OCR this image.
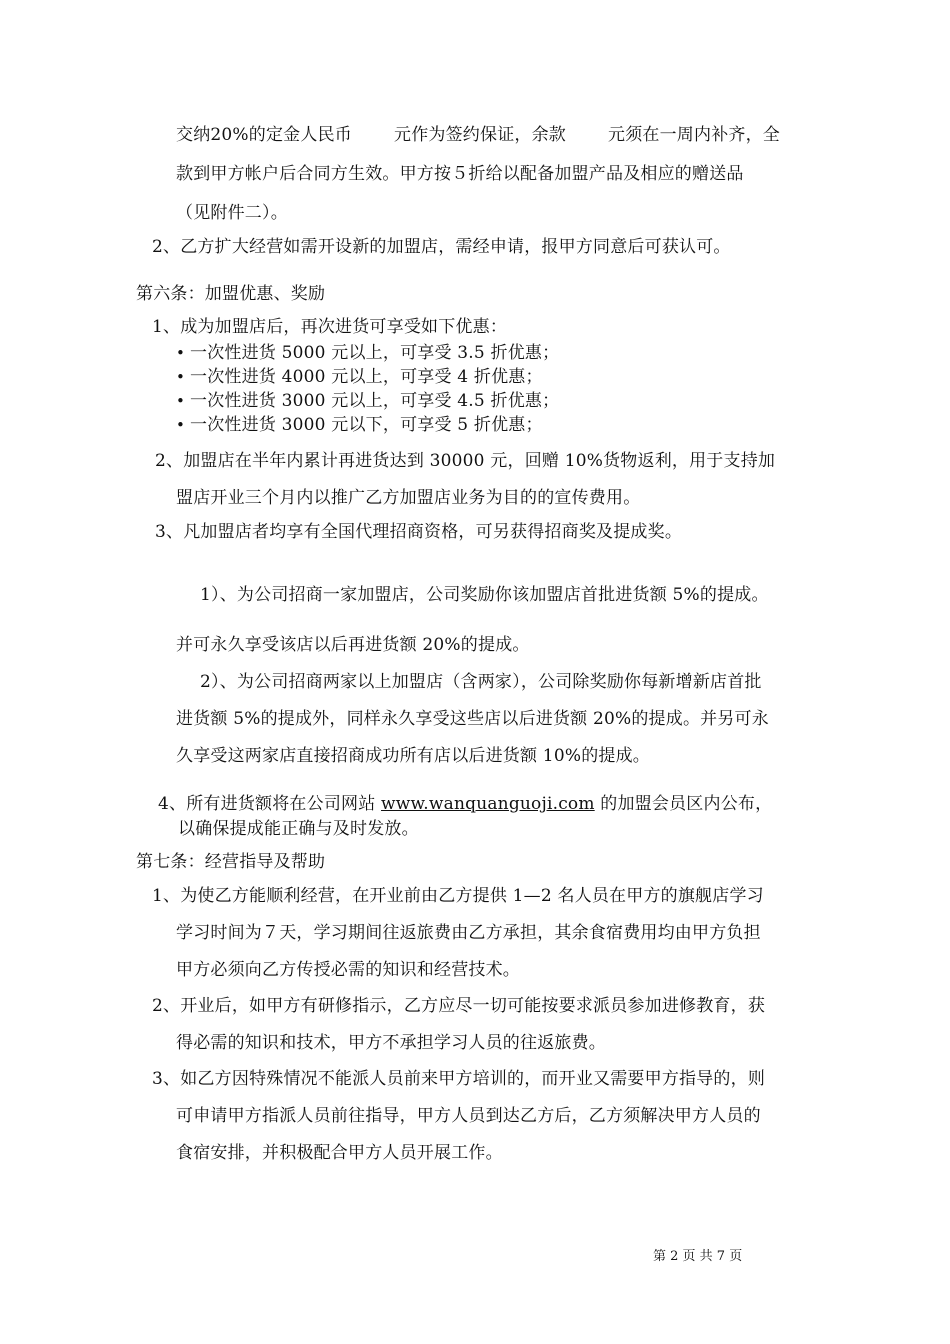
交纳20%的定金人民币 元作为签约保证，余款 元须在一周内补齐，全
款到甲方帐户后合同方生效。甲方按５折给以配备加盟产品及相应的赠送品
（见附件二）。
2、乙方扩大经营如需开设新的加盟店，需经申请，报甲方同意后可获认可。
第六条：加盟优惠、奖励
1、成为加盟店后，再次进货可享受如下优惠：
• 一次性进货 5000 元以上，可享受 3.5 折优惠；
• 一次性进货 4000 元以上，可享受 4 折优惠；
• 一次性进货 3000 元以上，可享受 4.5 折优惠；
• 一次性进货 3000 元以下，可享受 5 折优惠；
2、加盟店在半年内累计再进货达到 30000 元，回赠 10%货物返利，用于支持加
盟店开业三个月内以推广乙方加盟店业务为目的的宣传费用。
3、凡加盟店者均享有全国代理招商资格，可另获得招商奖及提成奖。
1）、为公司招商一家加盟店，公司奖励你该加盟店首批进货额 5%的提成。
并可永久享受该店以后再进货额 20%的提成。
2）、为公司招商两家以上加盟店（含两家），公司除奖励你每新增新店首批
进货额 5%的提成外，同样永久享受这些店以后进货额 20%的提成。并另可永
久享受这两家店直接招商成功所有店以后进货额 10%的提成。
4、所有进货额将在公司网站 www.wanquanguoji.com 的加盟会员区内公布，
以确保提成能正确与及时发放。
第七条：经营指导及帮助
1、为使乙方能顺利经营，在开业前由乙方提供 1—2 名人员在甲方的旗舰店学习
学习时间为７天，学习期间往返旅费由乙方承担，其余食宿费用均由甲方负担
甲方必须向乙方传授必需的知识和经营技术。
2、开业后，如甲方有研修指示，乙方应尽一切可能按要求派员参加进修教育，获
得必需的知识和技术，甲方不承担学习人员的往返旅费。
3、如乙方因特殊情况不能派人员前来甲方培训的，而开业又需要甲方指导的，则
可申请甲方指派人员前往指导，甲方人员到达乙方后，乙方须解决甲方人员的
食宿安排，并积极配合甲方人员开展工作。
第 2 页 共 7 页
